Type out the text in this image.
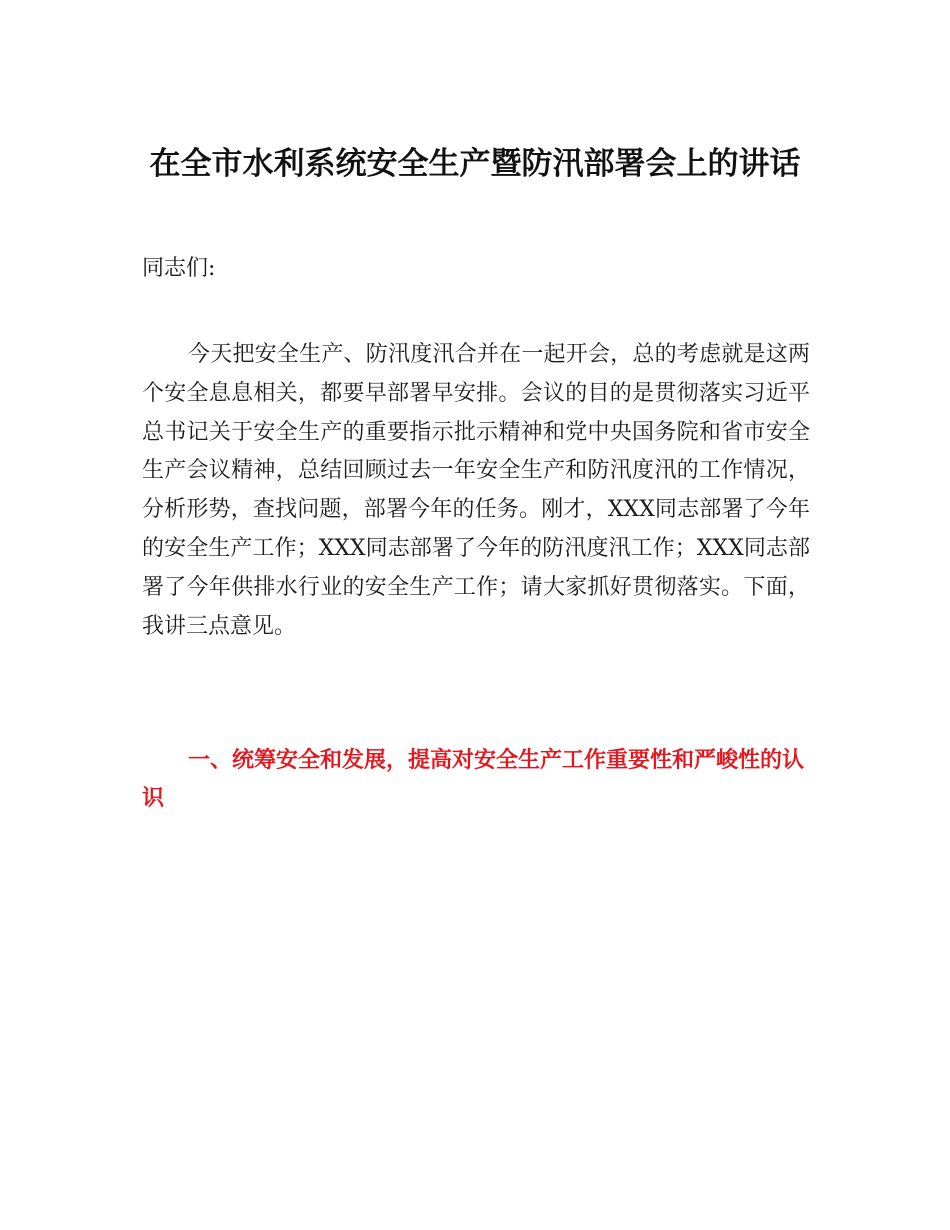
在全市水利系统安全生产暨防汛部署会上的讲话

同志们:

今天把安全生产、防汛度汛合并在一起开会，总的考虑就是这两个安全息息相关，都要早部署早安排。会议的目的是贯彻落实习近平总书记关于安全生产的重要指示批示精神和党中央国务院和省市安全生产会议精神，总结回顾过去一年安全生产和防汛度汛的工作情况，分析形势，查找问题，部署今年的任务。刚才，XXX同志部署了今年的安全生产工作；XXX同志部署了今年的防汛度汛工作；XXX同志部署了今年供排水行业的安全生产工作；请大家抓好贯彻落实。下面，我讲三点意见。

一、统筹安全和发展，提高对安全生产工作重要性和严峻性的认识
